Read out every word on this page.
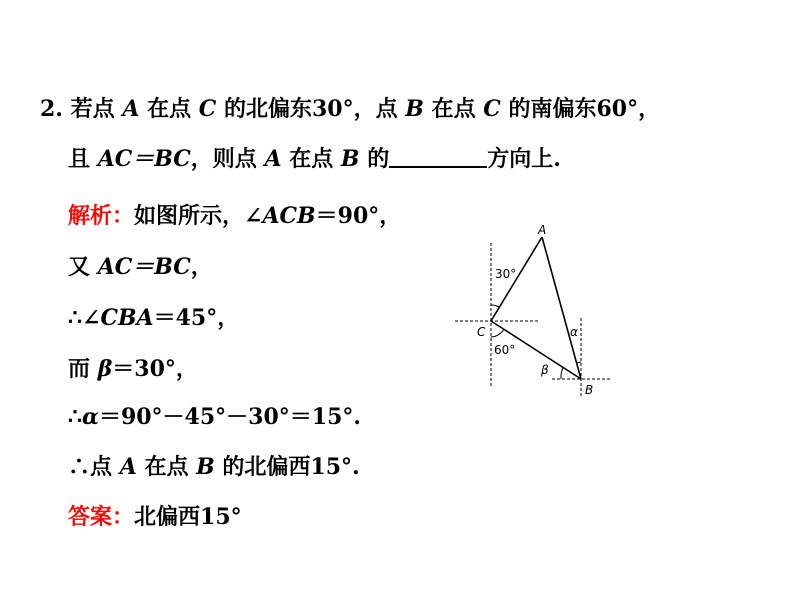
2. 若点 A 在点 C 的北偏东30°，点 B 在点 C 的南偏东60°，
且 AC＝BC，则点 A 在点 B 的	方向上.
解析：如图所示，∠ACB＝90°，
又 AC＝BC，
∴∠CBA＝45°，
而 β＝30°，
∴α＝90°－45°－30°＝15°.
∴点 A 在点 B 的北偏西15°.
答案：北偏西15°
A
C
B
30°
60°
α
β
